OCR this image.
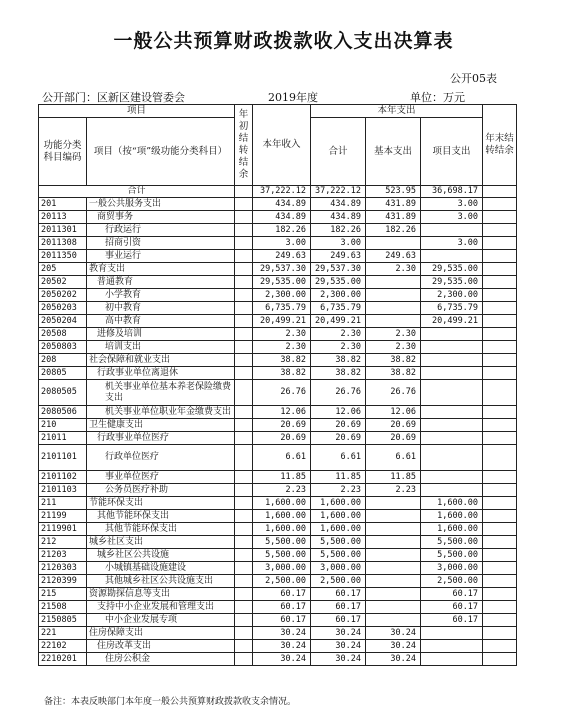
一般公共预算财政拨款收入支出决算表
公开05表
公开部门：区新区建设管委会	2019年度	单位：万元
项目		年初结转结余	本年收入	本年支出			年末结转结余
功能分类科目编码	项目（按“项”级功能分类科目）			合计	基本支出	项目支出	
合计			37,222.12	37,222.12	523.95	36,698.17	
201	一般公共服务支出		434.89	434.89	431.89	3.00	
20113	商贸事务		434.89	434.89	431.89	3.00	
2011301	行政运行		182.26	182.26	182.26		
2011308	招商引资		3.00	3.00		3.00	
2011350	事业运行		249.63	249.63	249.63		
205	教育支出		29,537.30	29,537.30	2.30	29,535.00	
20502	普通教育		29,535.00	29,535.00		29,535.00	
2050202	小学教育		2,300.00	2,300.00		2,300.00	
2050203	初中教育		6,735.79	6,735.79		6,735.79	
2050204	高中教育		20,499.21	20,499.21		20,499.21	
20508	进修及培训		2.30	2.30	2.30		
2050803	培训支出		2.30	2.30	2.30		
208	社会保障和就业支出		38.82	38.82	38.82		
20805	行政事业单位离退休		38.82	38.82	38.82		
2080505	机关事业单位基本养老保险缴费支出		26.76	26.76	26.76		
2080506	机关事业单位职业年金缴费支出		12.06	12.06	12.06		
210	卫生健康支出		20.69	20.69	20.69		
21011	行政事业单位医疗		20.69	20.69	20.69		
2101101	行政单位医疗		6.61	6.61	6.61		
2101102	事业单位医疗		11.85	11.85	11.85		
2101103	公务员医疗补助		2.23	2.23	2.23		
211	节能环保支出		1,600.00	1,600.00		1,600.00	
21199	其他节能环保支出		1,600.00	1,600.00		1,600.00	
2119901	其他节能环保支出		1,600.00	1,600.00		1,600.00	
212	城乡社区支出		5,500.00	5,500.00		5,500.00	
21203	城乡社区公共设施		5,500.00	5,500.00		5,500.00	
2120303	小城镇基础设施建设		3,000.00	3,000.00		3,000.00	
2120399	其他城乡社区公共设施支出		2,500.00	2,500.00		2,500.00	
215	资源勘探信息等支出		60.17	60.17		60.17	
21508	支持中小企业发展和管理支出		60.17	60.17		60.17	
2150805	中小企业发展专项		60.17	60.17		60.17	
221	住房保障支出		30.24	30.24	30.24		
22102	住房改革支出		30.24	30.24	30.24		
2210201	住房公积金		30.24	30.24	30.24		
备注：本表反映部门本年度一般公共预算财政拨款收支余情况。
